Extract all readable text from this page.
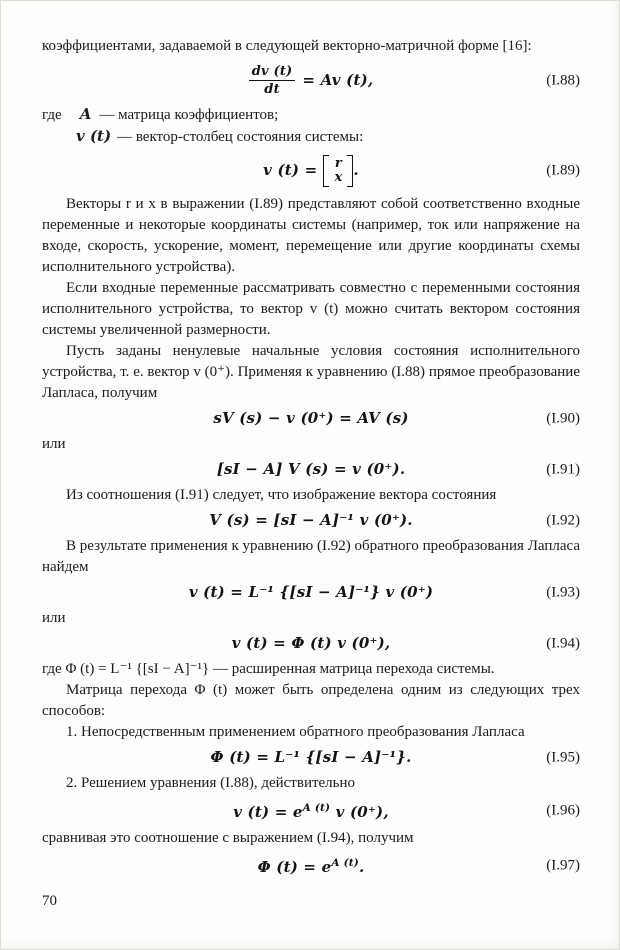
коэффициентами, задаваемой в следующей векторно-матричной форме [16]:

$\frac{dv (t)}{dt} = Av$ (t),	(I.88)

где A — матрица коэффициентов;

v (t) — вектор-столбец состояния системы:

v (t) = r
x .	(I.89)

Векторы r и x в выражении (I.89) представляют собой соответственно входные переменные и некоторые координаты системы (например, ток или напряжение на входе, скорость, ускорение, момент, перемещение или другие координаты схемы исполнительного устройства).

Если входные переменные рассматривать совместно с переменными состояния исполнительного устройства, то вектор v (t) можно считать вектором состояния системы увеличенной размерности.

Пусть заданы ненулевые начальные условия состояния исполнительного устройства, т. е. вектор v (0⁺). Применяя к уравнению (I.88) прямое преобразование Лапласа, получим

sV (s) − v (0⁺) = AV (s)	(I.90)

или

[sI − A] V (s) = v (0⁺).	(I.91)

Из соотношения (I.91) следует, что изображение вектора состояния

V (s) = [sI − A]⁻¹ v (0⁺).	(I.92)

В результате применения к уравнению (I.92) обратного преобразования Лапласа найдем

v (t) = L⁻¹ {[sI − A]⁻¹} v (0⁺)	(I.93)

или

v (t) = Φ (t) v (0⁺),	(I.94)

где Φ (t) = L⁻¹ {[sI − A]⁻¹} — расширенная матрица перехода системы.

Матрица перехода Φ (t) может быть определена одним из следующих трех способов:

1. Непосредственным применением обратного преобразования Лапласа

Φ (t) = L⁻¹ {[sI − A]⁻¹}.	(I.95)

2. Решением уравнения (I.88), действительно

v $(t) = e^{A (t)}$ v (0⁺),	(I.96)

сравнивая это соотношение с выражением (I.94), получим

Φ $(t) = e^{A (t)}$.	(I.97)
70
